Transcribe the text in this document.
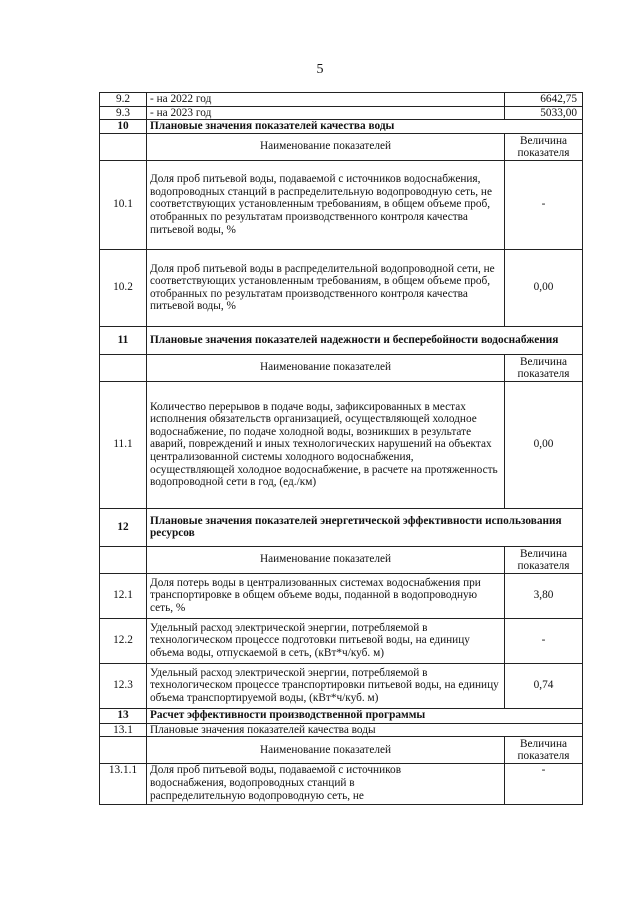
5
9.2	- на 2022 год	6642,75
9.3	- на 2023 год	5033,00
10	Плановые значения показателей качества воды	
	Наименование показателей	Величина показателя
10.1	Доля проб питьевой воды, подаваемой с источников водоснабжения, водопроводных станций в распределительную водопроводную сеть, не соответствующих установленным требованиям, в общем объеме проб, отобранных по результатам производственного контроля качества питьевой воды, %	-
10.2	Доля проб питьевой воды в распределительной водопроводной сети, не соответствующих установленным требованиям, в общем объеме проб, отобранных по результатам производственного контроля качества питьевой воды, %	0,00
11	Плановые значения показателей надежности и бесперебойности водоснабжения	
	Наименование показателей	Величина показателя
11.1	Количество перерывов в подаче воды, зафиксированных в местах исполнения обязательств организацией, осуществляющей холодное водоснабжение, по подаче холодной воды, возникших в результате аварий, повреждений и иных технологических нарушений на объектах централизованной системы холодного водоснабжения, осуществляющей холодное водоснабжение, в расчете на протяженность водопроводной сети в год, (ед./км)	0,00
12	Плановые значения показателей энергетической эффективности использования ресурсов	
	Наименование показателей	Величина показателя
12.1	Доля потерь воды в централизованных системах водоснабжения при транспортировке в общем объеме воды, поданной в водопроводную сеть, %	3,80
12.2	Удельный расход электрической энергии, потребляемой в технологическом процессе подготовки питьевой воды, на единицу объема воды, отпускаемой в сеть, (кВт*ч/куб. м)	-
12.3	Удельный расход электрической энергии, потребляемой в технологическом процессе транспортировки питьевой воды, на единицу объема транспортируемой воды, (кВт*ч/куб. м)	0,74
13	Расчет эффективности производственной программы	
13.1	Плановые значения показателей качества воды	
	Наименование показателей	Величина показателя
13.1.1	Доля проб питьевой воды, подаваемой с источников
водоснабжения, водопроводных станций в
распределительную водопроводную сеть, не	-
